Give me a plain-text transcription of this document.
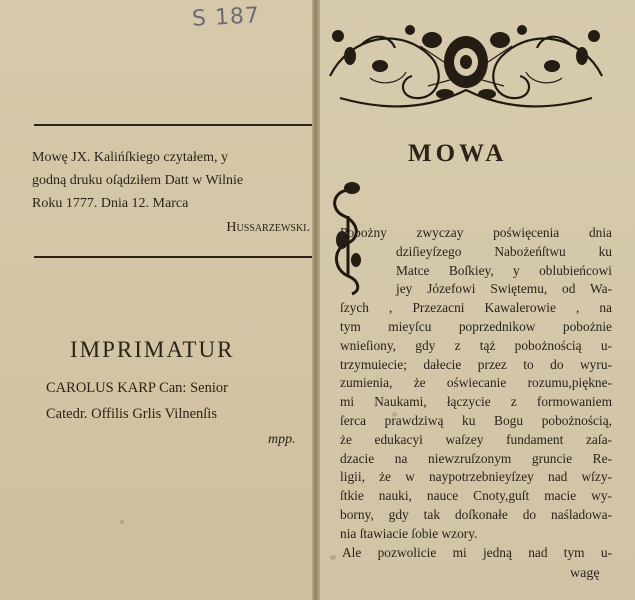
S 187
Mowę JX. Kalińſkiego czytałem, y
godną druku oſądziłem Datt w Wilnie
Roku 1777. Dnia 12. Marca
Hussarzewski.
IMPRIMATUR
CAROLUS KARP Can: Senior
Catedr. Offilis Grlis Vilnenſis
mpp.
MOWA
Pobożny zwyczay poświęcenia dnia
dziſieyſzego Nabożeńſtwu ku
Matce Boſkiey, y oblubieńcowi
jey Józefowi Swiętemu, od Wa-
ſzych , Przezacni Kawalerowie , na
tym mieyſcu poprzednikow pobożnie
wnieſiony, gdy z tąż pobożnością u-
trzymuiecie; dałecie przez to do wyru-
zumienia, że oświecanie rozumu,piękne-
mi Naukami, łączycie z formowaniem
ſerca prawdziwą ku Bogu pobożnością,
że edukacyi waſzey fundament zaſa-
dzacie na niewzruſzonym gruncie Re-
ligii, że w naypotrzebnieyſzey nad wſzy-
ſtkie nauki, nauce Cnoty,guſt macie wy-
borny, gdy tak doſkonałe do naśladowa-
nia ſtawiacie ſobie wzory.
Ale pozwolicie mi jedną nad tym u-
wagę
